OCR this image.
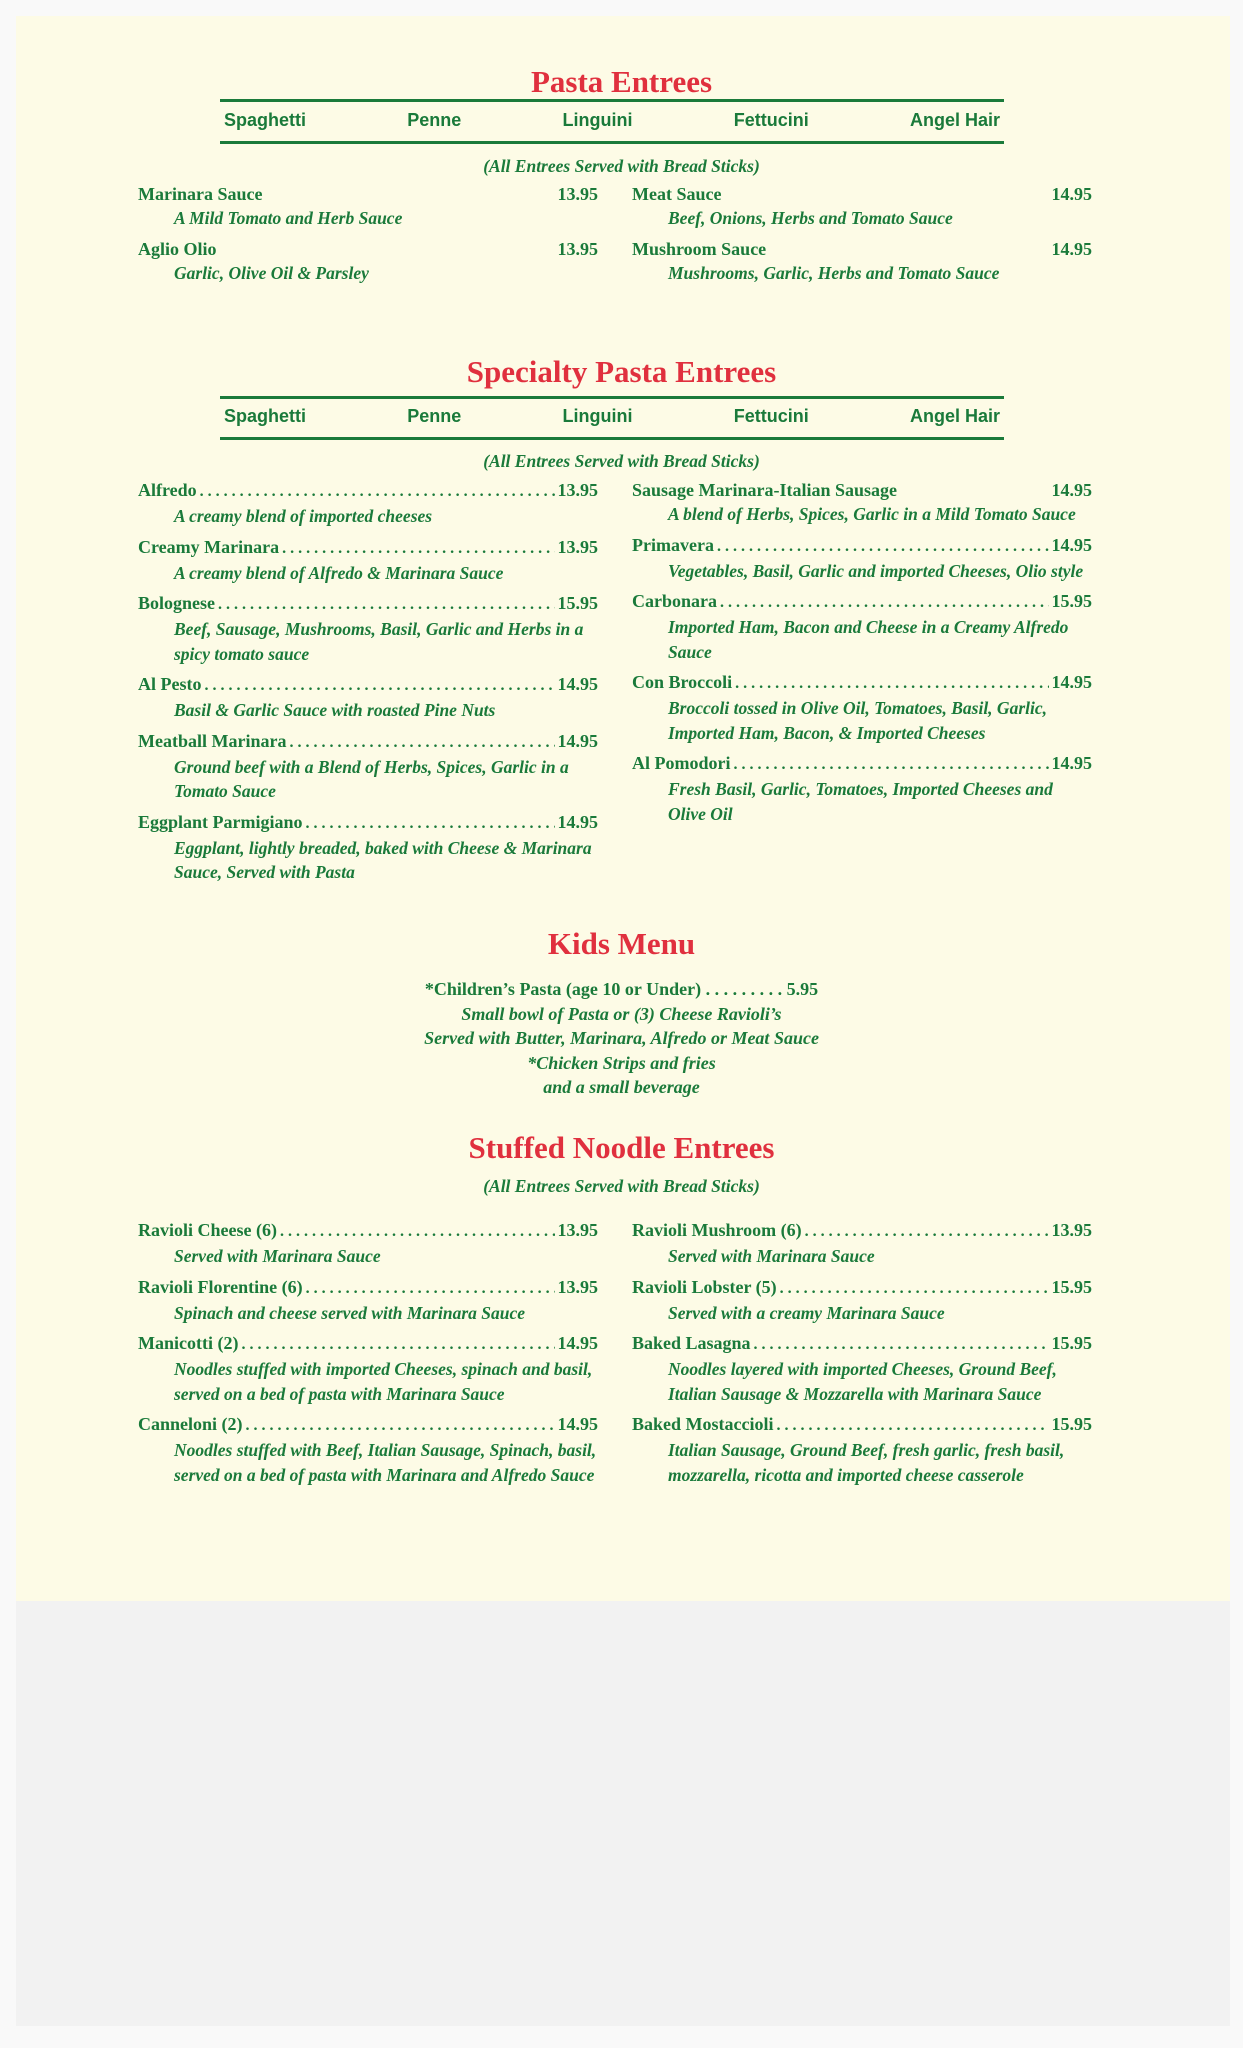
Pasta Entrees
Spaghetti	Penne	Linguini	Fettucini	Angel Hair
(All Entrees Served with Bread Sticks)
Marinara Sauce	13.95
A Mild Tomato and Herb Sauce
Aglio Olio	13.95
Garlic, Olive Oil & Parsley
Meat Sauce	14.95
Beef, Onions, Herbs and Tomato Sauce
Mushroom Sauce	14.95
Mushrooms, Garlic, Herbs and Tomato Sauce
Specialty Pasta Entrees
Spaghetti	Penne	Linguini	Fettucini	Angel Hair
(All Entrees Served with Bread Sticks)
Alfredo . . .	13.95
A creamy blend of imported cheeses
Creamy Marinara . . .	13.95
A creamy blend of Alfredo & Marinara Sauce
Bolognese . . .	15.95
Beef, Sausage, Mushrooms, Basil, Garlic and Herbs in a spicy tomato sauce
Al Pesto . . .	14.95
Basil & Garlic Sauce with roasted Pine Nuts
Meatball Marinara . . .	14.95
Ground beef with a Blend of Herbs, Spices, Garlic in a Tomato Sauce
Eggplant Parmigiano . . .	14.95
Eggplant, lightly breaded, baked with Cheese & Marinara Sauce, Served with Pasta
Sausage Marinara-Italian Sausage	14.95
A blend of Herbs, Spices, Garlic in a Mild Tomato Sauce
Primavera . . .	14.95
Vegetables, Basil, Garlic and imported Cheeses, Olio style
Carbonara . . .	15.95
Imported Ham, Bacon and Cheese in a Creamy Alfredo Sauce
Con Broccoli . . .	14.95
Broccoli tossed in Olive Oil, Tomatoes, Basil, Garlic, Imported Ham, Bacon, & Imported Cheeses
Al Pomodori . . .	14.95
Fresh Basil, Garlic, Tomatoes, Imported Cheeses and Olive Oil
Kids Menu
*Children’s Pasta (age 10 or Under) . . . . . . . . . 5.95
Small bowl of Pasta or (3) Cheese Ravioli’s
Served with Butter, Marinara, Alfredo or Meat Sauce
*Chicken Strips and fries
and a small beverage
Stuffed Noodle Entrees
(All Entrees Served with Bread Sticks)
Ravioli Cheese (6) . . .	13.95
Served with Marinara Sauce
Ravioli Florentine (6) . . .	13.95
Spinach and cheese served with Marinara Sauce
Manicotti (2) . . .	14.95
Noodles stuffed with imported Cheeses, spinach and basil, served on a bed of pasta with Marinara Sauce
Canneloni (2) . . .	14.95
Noodles stuffed with Beef, Italian Sausage, Spinach, basil, served on a bed of pasta with Marinara and Alfredo Sauce
Ravioli Mushroom (6) . . .	13.95
Served with Marinara Sauce
Ravioli Lobster (5) . . .	15.95
Served with a creamy Marinara Sauce
Baked Lasagna . . .	15.95
Noodles layered with imported Cheeses, Ground Beef, Italian Sausage & Mozzarella with Marinara Sauce
Baked Mostaccioli . . .	15.95
Italian Sausage, Ground Beef, fresh garlic, fresh basil, mozzarella, ricotta and imported cheese casserole
